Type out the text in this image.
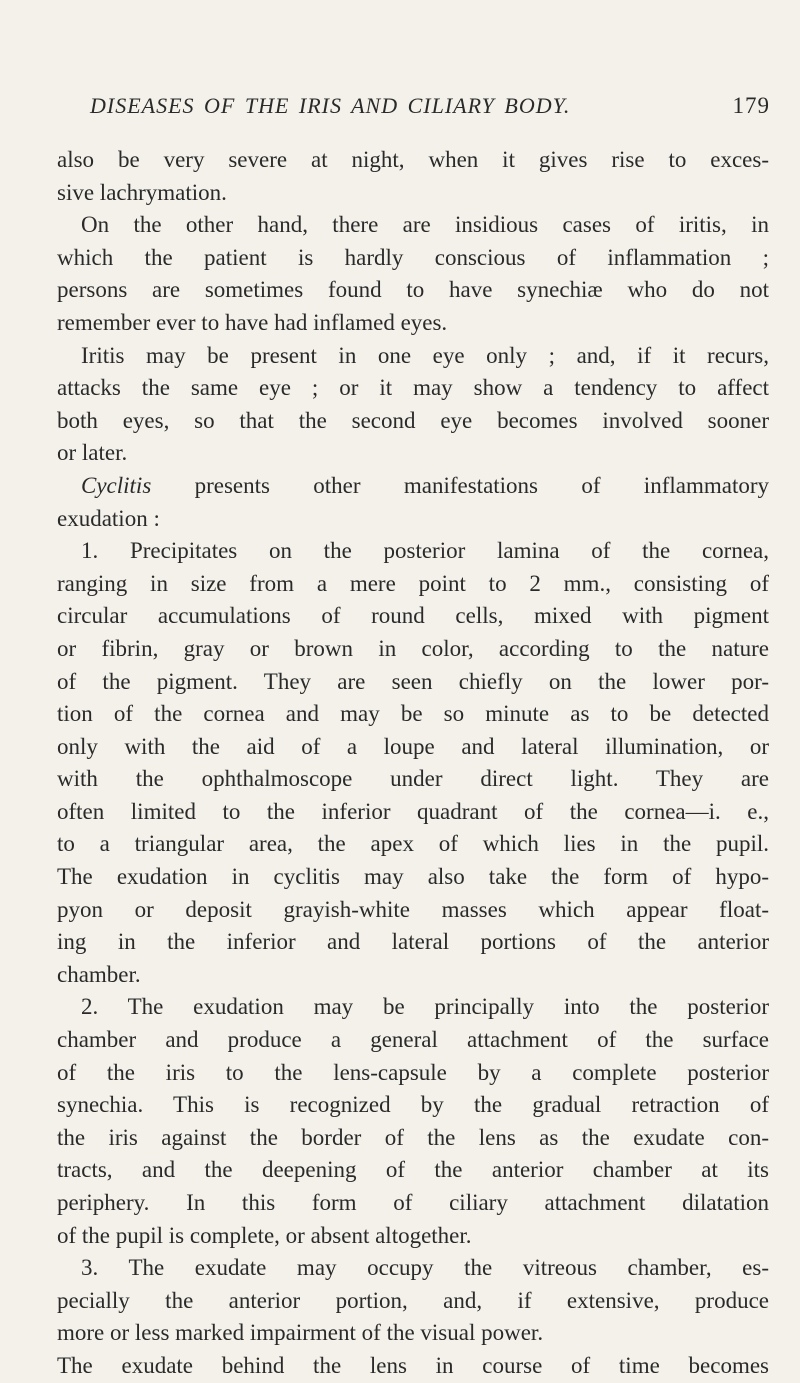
DISEASES OF THE IRIS AND CILIARY BODY.	179
also be very severe at night, when it gives rise to exces-
sive lachrymation.
On the other hand, there are insidious cases of iritis, in
which the patient is hardly conscious of inflammation ;
persons are sometimes found to have synechiæ who do not
remember ever to have had inflamed eyes.
Iritis may be present in one eye only ; and, if it recurs,
attacks the same eye ; or it may show a tendency to affect
both eyes, so that the second eye becomes involved sooner
or later.
Cyclitis presents other manifestations of inflammatory
exudation :
1. Precipitates on the posterior lamina of the cornea,
ranging in size from a mere point to 2 mm., consisting of
circular accumulations of round cells, mixed with pigment
or fibrin, gray or brown in color, according to the nature
of the pigment. They are seen chiefly on the lower por-
tion of the cornea and may be so minute as to be detected
only with the aid of a loupe and lateral illumination, or
with the ophthalmoscope under direct light. They are
often limited to the inferior quadrant of the cornea—i. e.,
to a triangular area, the apex of which lies in the pupil.
The exudation in cyclitis may also take the form of hypo-
pyon or deposit grayish-white masses which appear float-
ing in the inferior and lateral portions of the anterior
chamber.
2. The exudation may be principally into the posterior
chamber and produce a general attachment of the surface
of the iris to the lens-capsule by a complete posterior
synechia. This is recognized by the gradual retraction of
the iris against the border of the lens as the exudate con-
tracts, and the deepening of the anterior chamber at its
periphery. In this form of ciliary attachment dilatation
of the pupil is complete, or absent altogether.
3. The exudate may occupy the vitreous chamber, es-
pecially the anterior portion, and, if extensive, produce
more or less marked impairment of the visual power.
The exudate behind the lens in course of time becomes
